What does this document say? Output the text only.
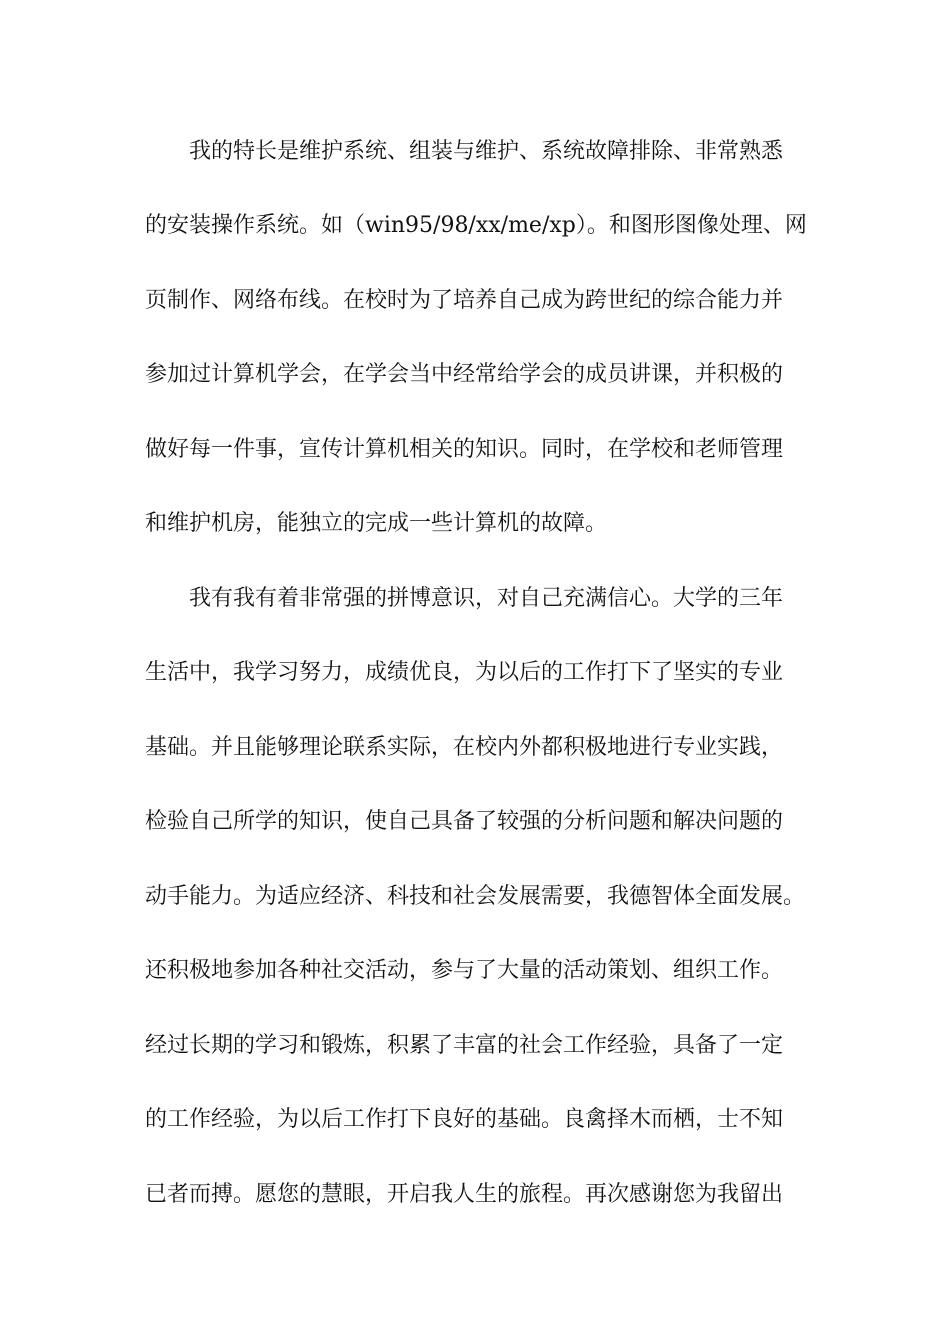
我的特长是维护系统、组装与维护、系统故障排除、非常熟悉
的安装操作系统。如（win95/98/xx/me/xp）。和图形图像处理、网
页制作、网络布线。在校时为了培养自己成为跨世纪的综合能力并
参加过计算机学会，在学会当中经常给学会的成员讲课，并积极的
做好每一件事，宣传计算机相关的知识。同时，在学校和老师管理
和维护机房，能独立的完成一些计算机的故障。
我有我有着非常强的拼博意识，对自己充满信心。大学的三年
生活中，我学习努力，成绩优良，为以后的工作打下了坚实的专业
基础。并且能够理论联系实际，在校内外都积极地进行专业实践，
检验自己所学的知识，使自己具备了较强的分析问题和解决问题的
动手能力。为适应经济、科技和社会发展需要，我德智体全面发展。
还积极地参加各种社交活动，参与了大量的活动策划、组织工作。
经过长期的学习和锻炼，积累了丰富的社会工作经验，具备了一定
的工作经验，为以后工作打下良好的基础。良禽择木而栖，士不知
已者而搏。愿您的慧眼，开启我人生的旅程。再次感谢您为我留出
